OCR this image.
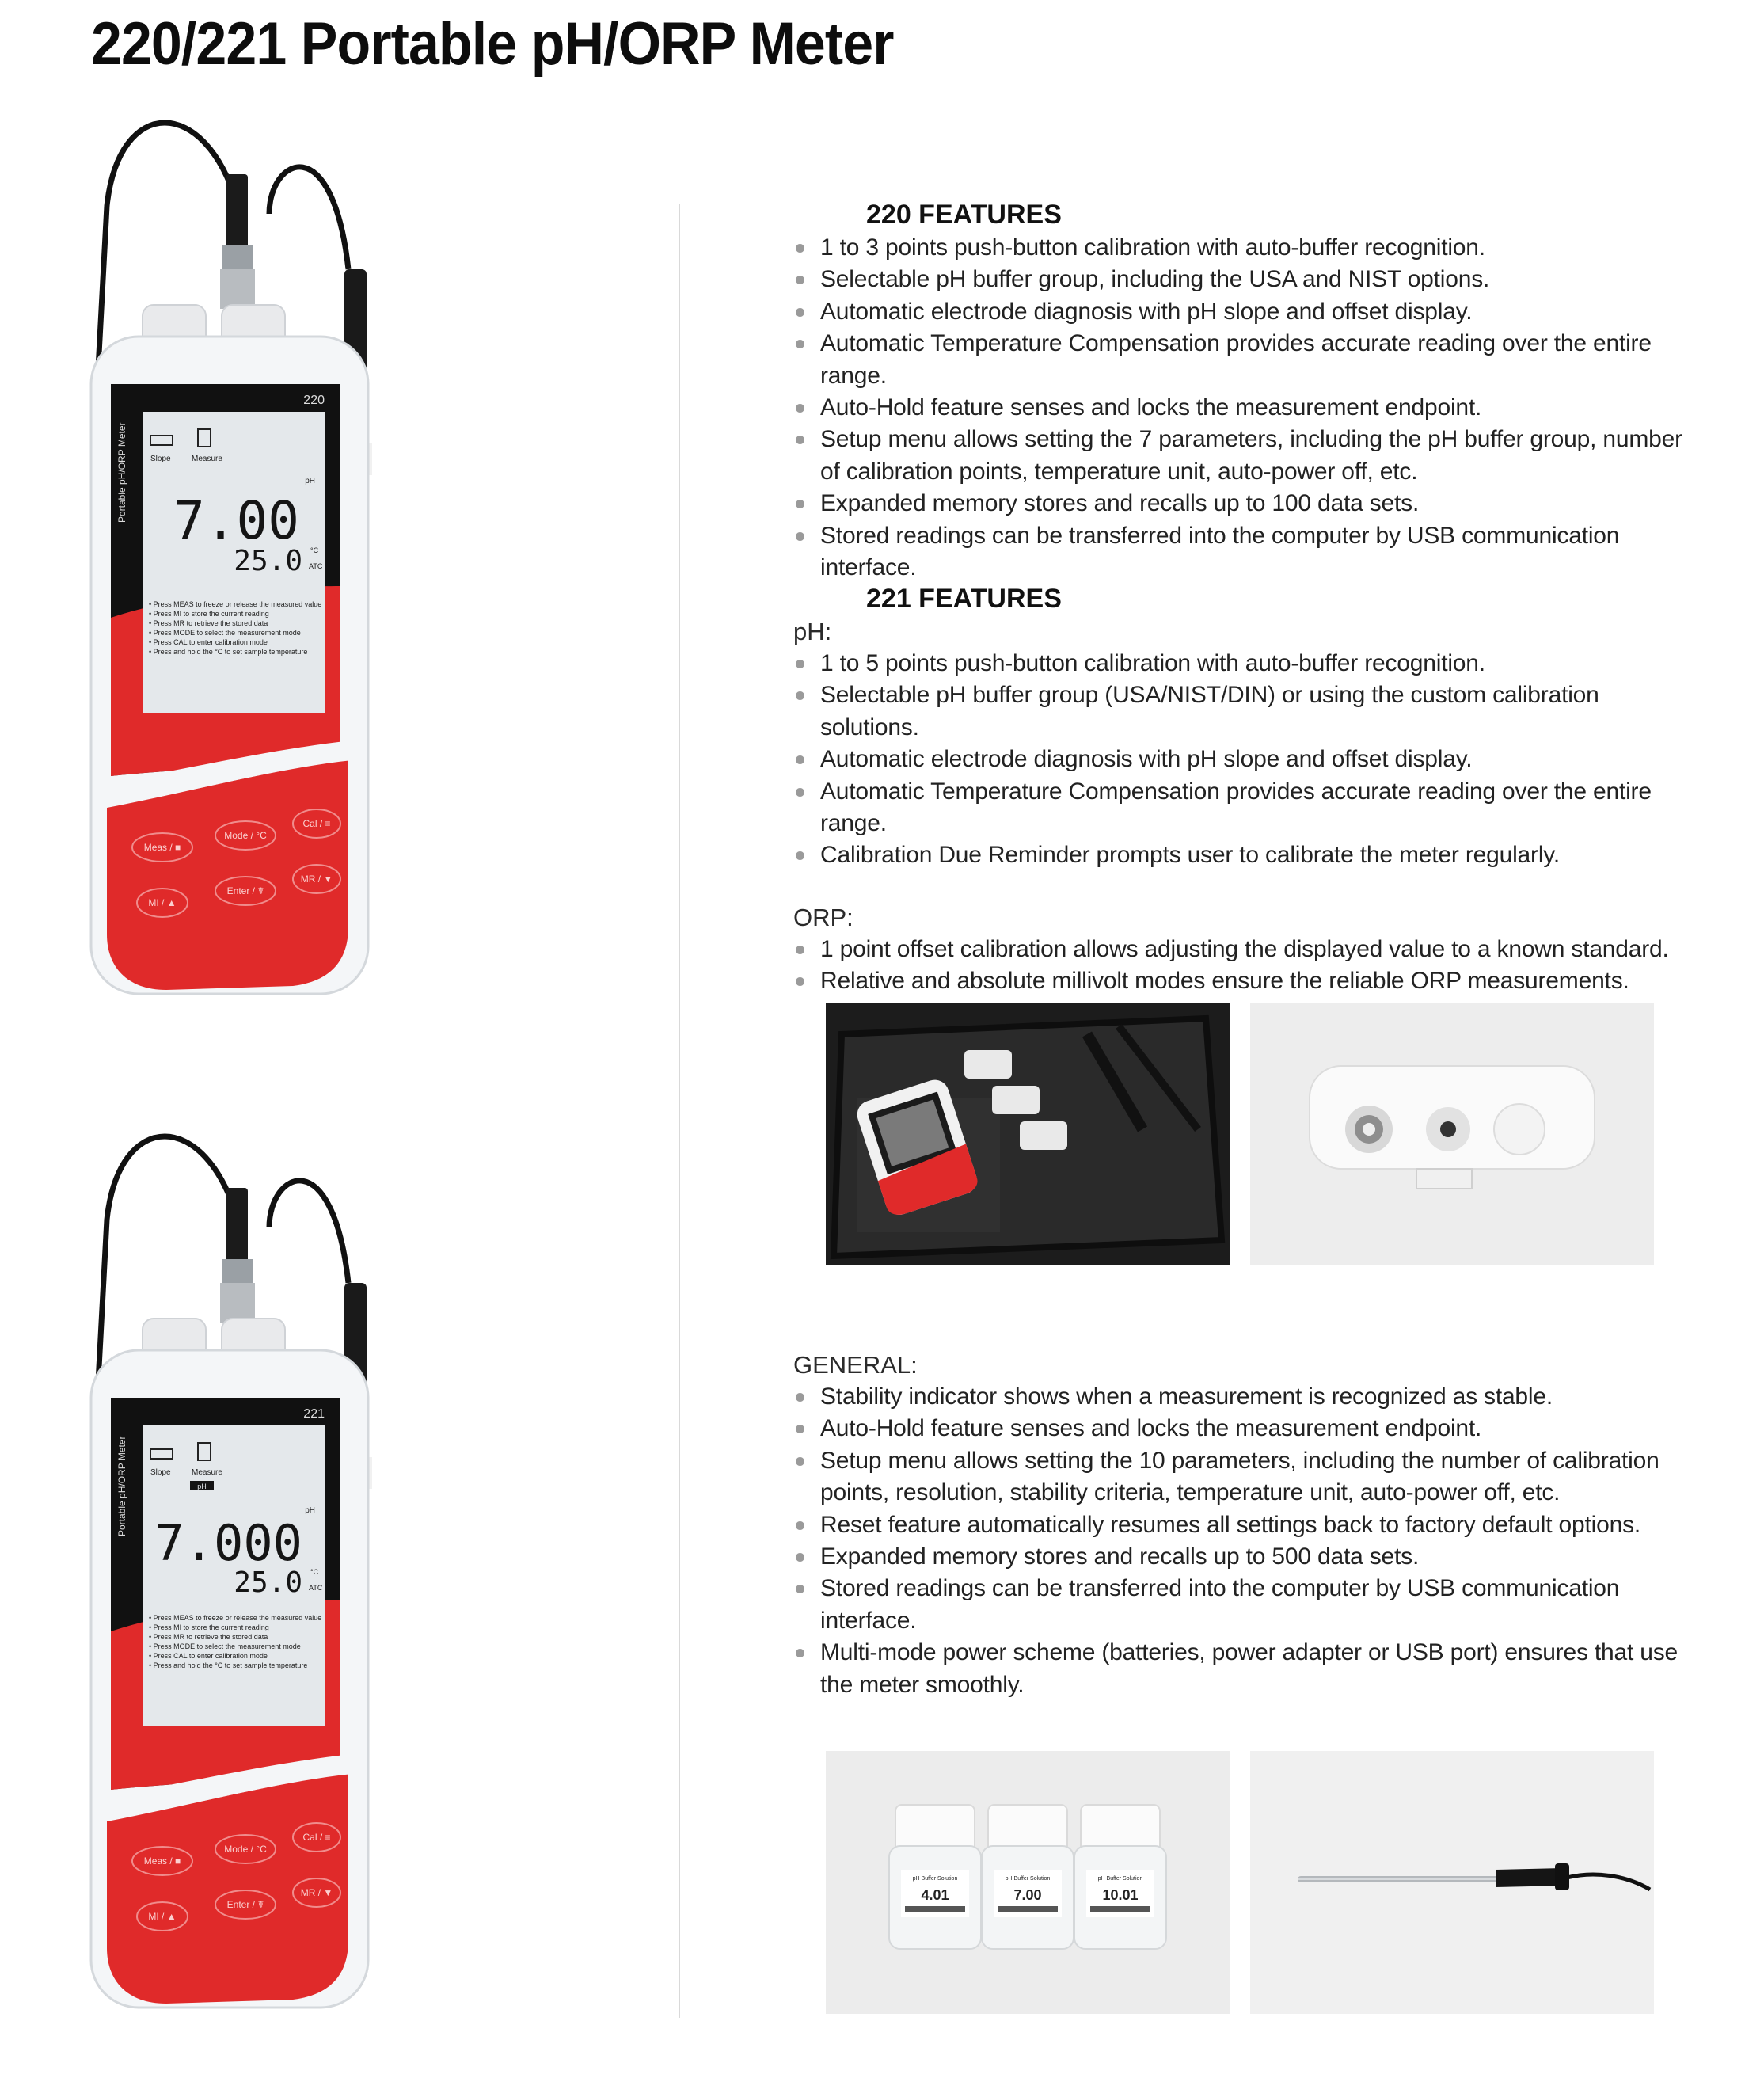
220/221 Portable pH/ORP Meter
Portable pH/ORP Meter
220
Slope	Measure
pH
7.00
25.0 °C
ATC
• Press MEAS to freeze or release the measured value
• Press MI to store the current reading
• Press MR to retrieve the stored data
• Press MODE to select the measurement mode
• Press CAL to enter calibration mode
• Press and hold the °C to set sample temperature
Meas / ■
Mode / °C
Cal / ≡
MI / ▲
Enter / ☤
MR / ▼
Portable pH/ORP Meter
221
Slope	Measure
pH
pH
7.000
25.0 °C
ATC
• Press MEAS to freeze or release the measured value
• Press MI to store the current reading
• Press MR to retrieve the stored data
• Press MODE to select the measurement mode
• Press CAL to enter calibration mode
• Press and hold the °C to set sample temperature
Meas / ■
Mode / °C
Cal / ≡
MI / ▲
Enter / ☤
MR / ▼
220 FEATURES
1 to 3 points push-button calibration with auto-buffer recognition.
Selectable pH buffer group, including the USA and NIST options.
Automatic electrode diagnosis with pH slope and offset display.
Automatic Temperature Compensation provides accurate reading over the entire range.
Auto-Hold feature senses and locks the measurement endpoint.
Setup menu allows setting the 7 parameters, including the pH buffer group, number of calibration points, temperature unit, auto-power off, etc.
Expanded memory stores and recalls up to 100 data sets.
Stored readings can be transferred into the computer by USB communication interface.
221 FEATURES
pH:
1 to 5 points push-button calibration with auto-buffer recognition.
Selectable pH buffer group (USA/NIST/DIN) or using the custom calibration solutions.
Automatic electrode diagnosis with pH slope and offset display.
Automatic Temperature Compensation provides accurate reading over the entire range.
Calibration Due Reminder prompts user to calibrate the meter regularly.
ORP:
1 point offset calibration allows adjusting the displayed value to a known standard.
Relative and absolute millivolt modes ensure the reliable ORP measurements.
GENERAL:
Stability indicator shows when a measurement is recognized as stable.
Auto-Hold feature senses and locks the measurement endpoint.
Setup menu allows setting the 10 parameters, including the number of calibration points, resolution, stability criteria, temperature unit, auto-power off, etc.
Reset feature automatically resumes all settings back to factory default options.
Expanded memory stores and recalls up to 500 data sets.
Stored readings can be transferred into the computer by USB communication interface.
Multi-mode power scheme (batteries, power adapter or USB port) ensures that use the meter smoothly.
pH Buffer Solution	pH Buffer Solution	pH Buffer Solution
4.01	7.00	10.01
